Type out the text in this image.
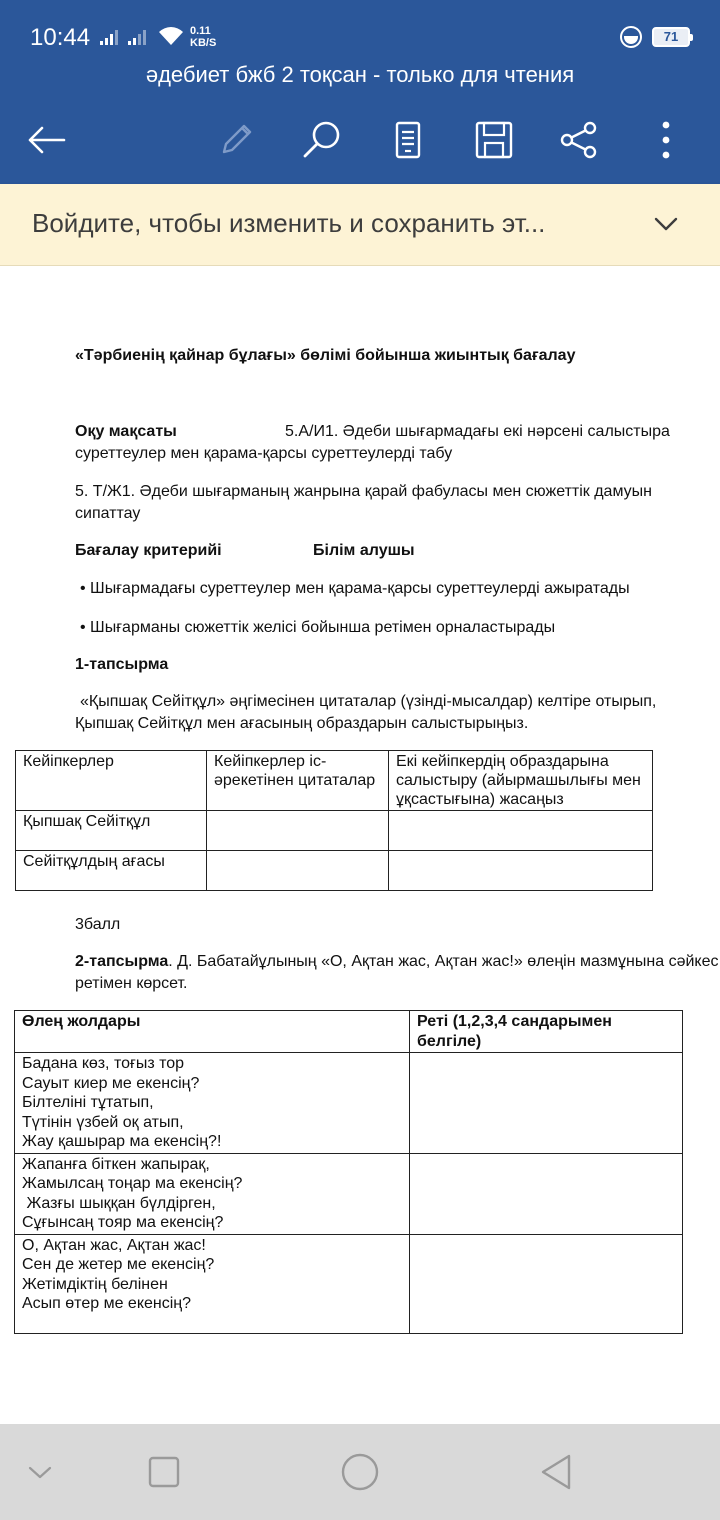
10:44	0.11
KB/S	71
әдебиет бжб 2 тоқсан - только для чтения
Войдите, чтобы изменить и сохранить эт...
«Тәрбиенің қайнар бұлағы» бөлімі бойынша жиынтық бағалау
Оқу мақсаты	5.А/И1. Әдеби шығармадағы екі нәрсені салыстыра
суреттеулер мен қарама-қарсы суреттеулерді табу
5. Т/Ж1. Әдеби шығарманың жанрына қарай фабуласы мен сюжеттік дамуын
сипаттау
Бағалау критерийі	Білім алушы
• Шығармадағы суреттеулер мен қарама-қарсы суреттеулерді ажыратады
• Шығарманы сюжеттік желісі бойынша ретімен орналастырады
1-тапсырма
«Қыпшақ Сейітқұл» әңгімесінен цитаталар (үзінді-мысалдар) келтіре отырып,
Қыпшақ Сейітқұл мен ағасының образдарын салыстырыңыз.
Кейіпкерлер	Кейіпкерлер іс-әрекетінен цитаталар	Екі кейіпкердің образдарына салыстыру (айырмашылығы мен ұқсастығына) жасаңыз
Қыпшақ Сейітқұл		
Сейітқұлдың ағасы		
3балл
2-тапсырма. Д. Бабатайұлының «О, Ақтан жас, Ақтан жас!» өлеңін мазмұнына сәйкес
ретімен көрсет.
Өлең жолдары	Реті (1,2,3,4 сандарымен белгіле)

Бадана көз, тоғыз тор
Сауыт киер ме екенсің?
Білтеліні тұтатып,
Түтінін үзбей оқ атып,
Жау қашырар ма екенсің?!	

Жапанға біткен жапырақ,
Жамылсаң тоңар ма екенсің?
Жазғы шыққан бүлдірген,
Сұғынсаң тояр ма екенсің?	

О, Ақтан жас, Ақтан жас!
Сен де жетер ме екенсің?
Жетімдіктің белінен
Асып өтер ме екенсің?	
